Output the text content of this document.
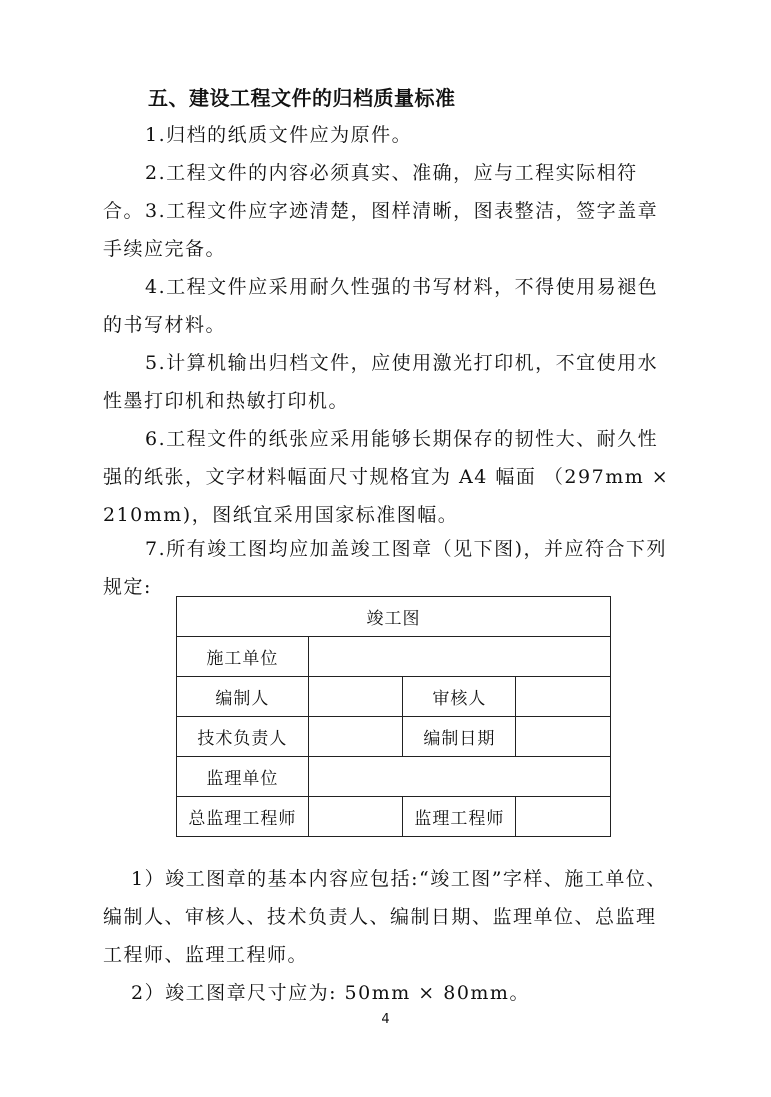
五、建设工程文件的归档质量标准

1.归档的纸质文件应为原件。

2.工程文件的内容必须真实、准确，应与工程实际相符合。 3.工程文件应字迹清楚，图样清晰，图表整洁，签字盖章手续应完备。

4.工程文件应采用耐久性强的书写材料，不得使用易褪色的书写材料。

5.计算机输出归档文件，应使用激光打印机，不宜使用水性墨打印机和热敏打印机。

6.工程文件的纸张应采用能够长期保存的韧性大、耐久性强的纸张，文字材料幅面尺寸规格宜为 A4 幅面 （297mm × 210mm)，图纸宜采用国家标准图幅。

7.所有竣工图均应加盖竣工图章（见下图)，并应符合下列规定:

竣工图			
施工单位			
编制人		审核人	
技术负责人		编制日期	
监理单位			
总监理工程师		监理工程师	

1）竣工图章的基本内容应包括:“竣工图”字样、施工单位、编制人、审核人、技术负责人、编制日期、监理单位、总监理工程师、监理工程师。

2）竣工图章尺寸应为: 50mm × 80mm。

4
